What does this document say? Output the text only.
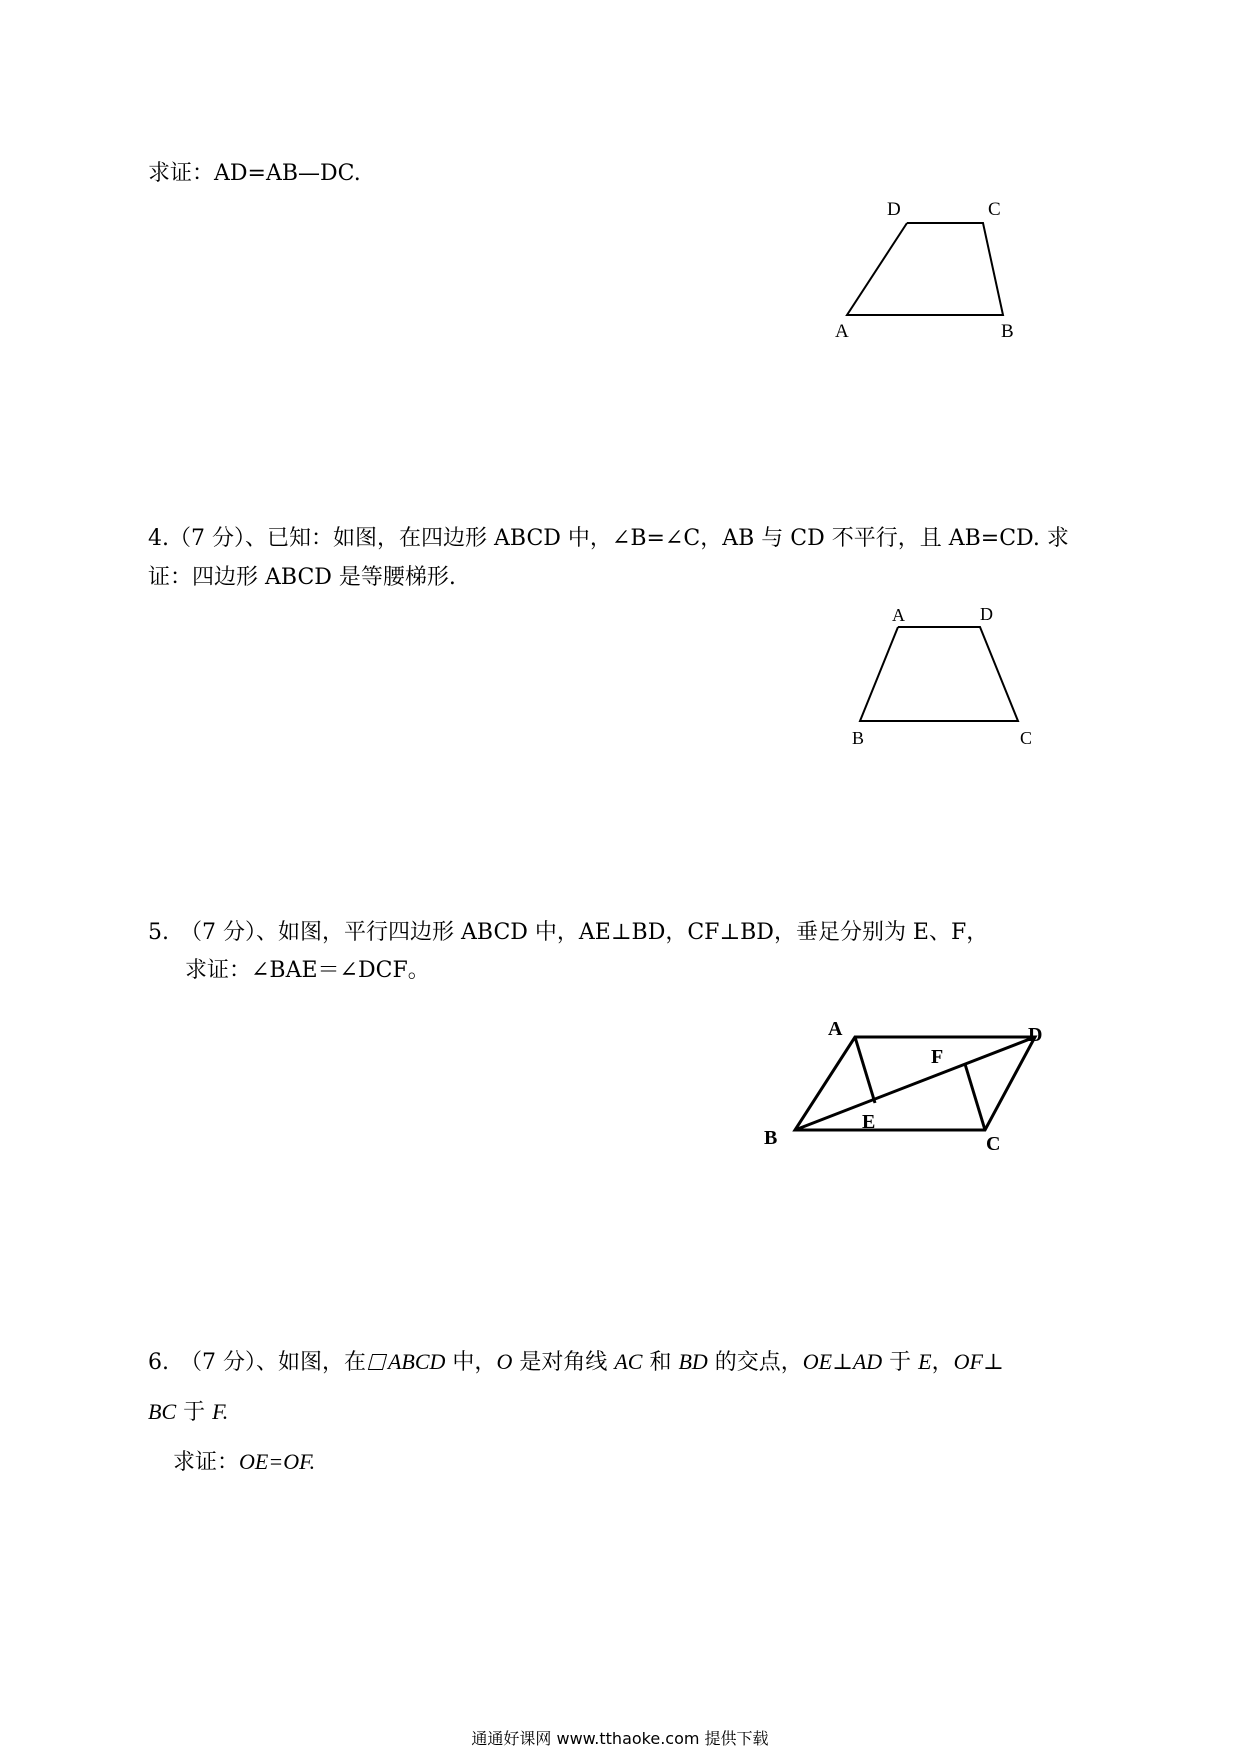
求证：AD=AB—DC.
D	C
A	B
4.（7 分）、已知：如图，在四边形 ABCD 中，∠B=∠C，AB 与 CD 不平行，且 AB=CD. 求
证：四边形 ABCD 是等腰梯形.
A	D
B	C
5.　（7 分）、如图，平行四边形 ABCD 中，AE⊥BD，CF⊥BD，垂足分别为 E、F，
求证：∠BAE＝∠DCF。
A	D
F
E
B	C
6.　（7 分）、如图，在 ABCD 中，O 是对角线 AC 和 BD 的交点，OE⊥AD 于 E，OF⊥
BC 于 F.
求证：OE=OF.
通通好课网 www.tthaoke.com 提供下载
